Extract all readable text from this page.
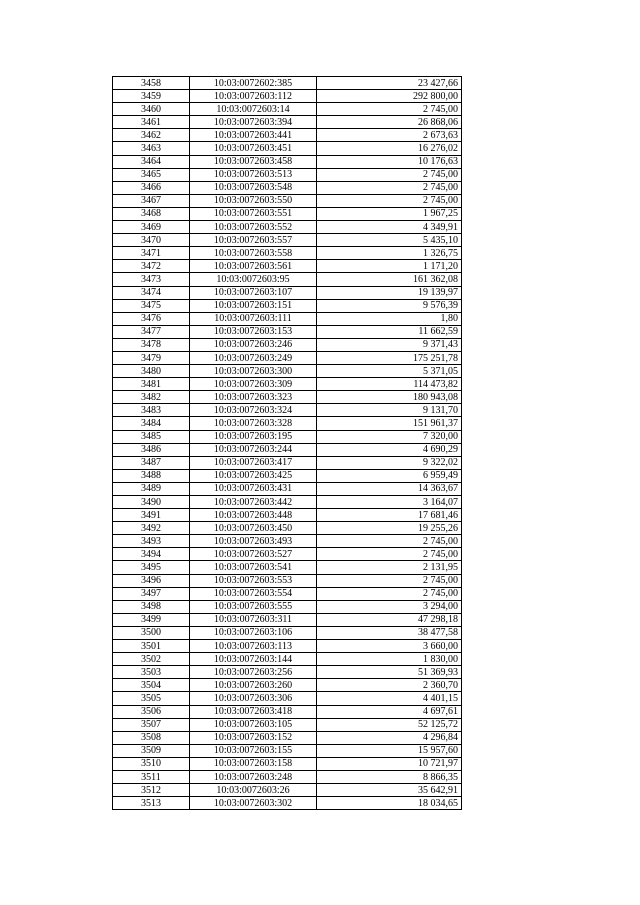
3458	10:03:0072602:385	23 427,66
3459	10:03:0072603:112	292 800,00
3460	10:03:0072603:14	2 745,00
3461	10:03:0072603:394	26 868,06
3462	10:03:0072603:441	2 673,63
3463	10:03:0072603:451	16 276,02
3464	10:03:0072603:458	10 176,63
3465	10:03:0072603:513	2 745,00
3466	10:03:0072603:548	2 745,00
3467	10:03:0072603:550	2 745,00
3468	10:03:0072603:551	1 967,25
3469	10:03:0072603:552	4 349,91
3470	10:03:0072603:557	5 435,10
3471	10:03:0072603:558	1 326,75
3472	10:03:0072603:561	1 171,20
3473	10:03:0072603:95	161 362,08
3474	10:03:0072603:107	19 139,97
3475	10:03:0072603:151	9 576,39
3476	10:03:0072603:111	1,80
3477	10:03:0072603:153	11 662,59
3478	10:03:0072603:246	9 371,43
3479	10:03:0072603:249	175 251,78
3480	10:03:0072603:300	5 371,05
3481	10:03:0072603:309	114 473,82
3482	10:03:0072603:323	180 943,08
3483	10:03:0072603:324	9 131,70
3484	10:03:0072603:328	151 961,37
3485	10:03:0072603:195	7 320,00
3486	10:03:0072603:244	4 690,29
3487	10:03:0072603:417	9 322,02
3488	10:03:0072603:425	6 959,49
3489	10:03:0072603:431	14 363,67
3490	10:03:0072603:442	3 164,07
3491	10:03:0072603:448	17 681,46
3492	10:03:0072603:450	19 255,26
3493	10:03:0072603:493	2 745,00
3494	10:03:0072603:527	2 745,00
3495	10:03:0072603:541	2 131,95
3496	10:03:0072603:553	2 745,00
3497	10:03:0072603:554	2 745,00
3498	10:03:0072603:555	3 294,00
3499	10:03:0072603:311	47 298,18
3500	10:03:0072603:106	38 477,58
3501	10:03:0072603:113	3 660,00
3502	10:03:0072603:144	1 830,00
3503	10:03:0072603:256	51 369,93
3504	10:03:0072603:260	2 360,70
3505	10:03:0072603:306	4 401,15
3506	10:03:0072603:418	4 697,61
3507	10:03:0072603:105	52 125,72
3508	10:03:0072603:152	4 296,84
3509	10:03:0072603:155	15 957,60
3510	10:03:0072603:158	10 721,97
3511	10:03:0072603:248	8 866,35
3512	10:03:0072603:26	35 642,91
3513	10:03:0072603:302	18 034,65
